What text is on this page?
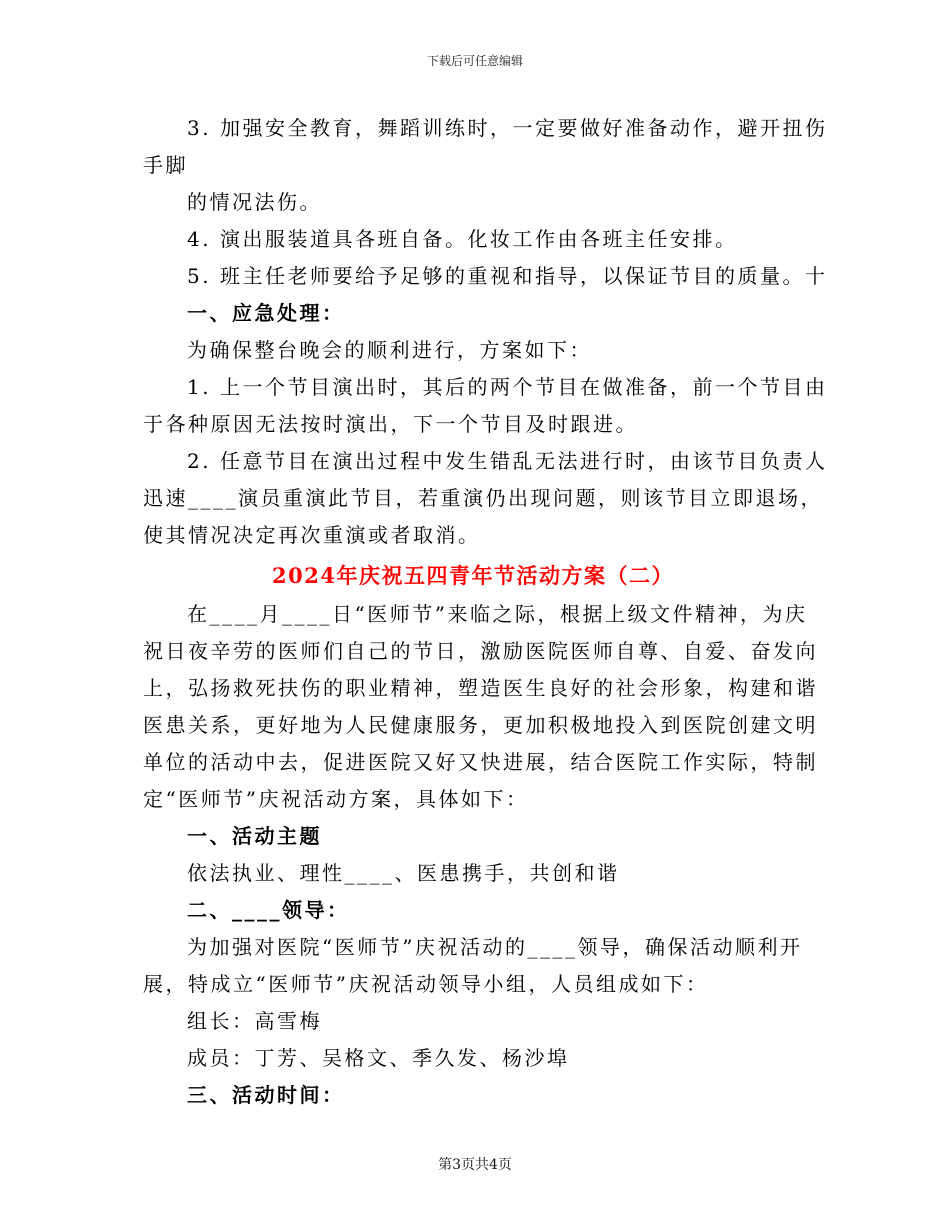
下载后可任意编辑

3. 加强安全教育，舞蹈训练时，一定要做好准备动作，避开扭伤

手脚

的情况法伤。

4. 演出服装道具各班自备。化妆工作由各班主任安排。

5. 班主任老师要给予足够的重视和指导，以保证节目的质量。十

一、应急处理：

为确保整台晚会的顺利进行，方案如下：

1. 上一个节目演出时，其后的两个节目在做准备，前一个节目由

于各种原因无法按时演出，下一个节目及时跟进。

2. 任意节目在演出过程中发生错乱无法进行时，由该节目负责人

迅速____演员重演此节目，若重演仍出现问题，则该节目立即退场，

使其情况决定再次重演或者取消。

2024年庆祝五四青年节活动方案（二）

在____月____日“医师节”来临之际，根据上级文件精神，为庆

祝日夜辛劳的医师们自己的节日，激励医院医师自尊、自爱、奋发向

上，弘扬救死扶伤的职业精神，塑造医生良好的社会形象，构建和谐

医患关系，更好地为人民健康服务，更加积极地投入到医院创建文明

单位的活动中去，促进医院又好又快进展，结合医院工作实际，特制

定“医师节”庆祝活动方案，具体如下：

一、活动主题

依法执业、理性____、医患携手，共创和谐

二、____领导：

为加强对医院“医师节”庆祝活动的____领导，确保活动顺利开

展，特成立“医师节”庆祝活动领导小组，人员组成如下：

组长：高雪梅

成员：丁芳、吴格文、季久发、杨沙埠

三、活动时间：

第3页共4页
